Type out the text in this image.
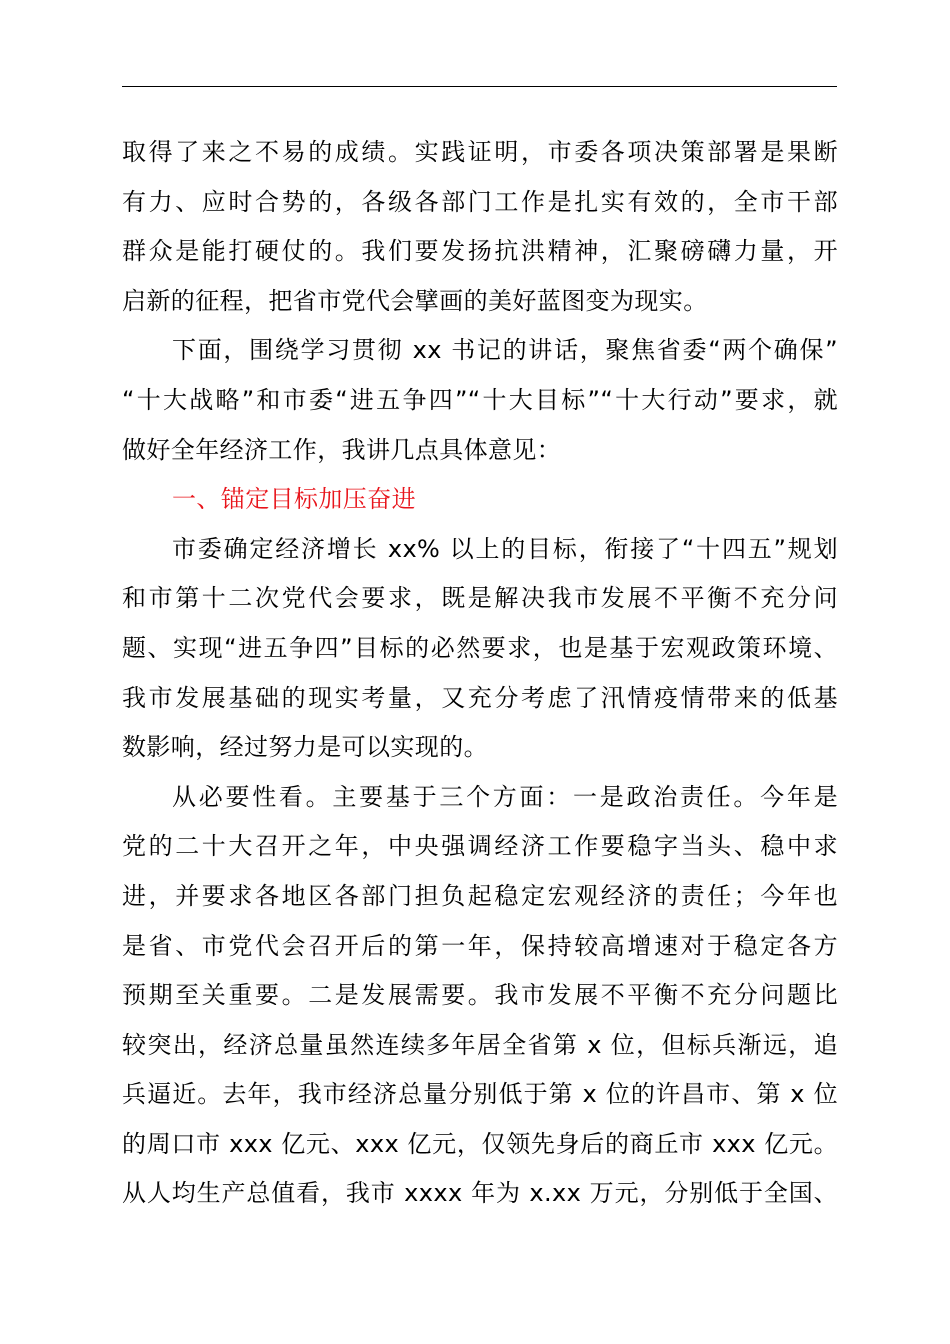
取得了来之不易的成绩。实践证明，市委各项决策部署是果断
有力、应时合势的，各级各部门工作是扎实有效的，全市干部
群众是能打硬仗的。我们要发扬抗洪精神，汇聚磅礴力量，开
启新的征程，把省市党代会擘画的美好蓝图变为现实。
下面，围绕学习贯彻 xx 书记的讲话，聚焦省委“两个确保”
“十大战略”和市委“进五争四”“十大目标”“十大行动”要求，就
做好全年经济工作，我讲几点具体意见：
一、锚定目标加压奋进
市委确定经济增长 xx% 以上的目标，衔接了“十四五”规划
和市第十二次党代会要求，既是解决我市发展不平衡不充分问
题、实现“进五争四”目标的必然要求，也是基于宏观政策环境、
我市发展基础的现实考量，又充分考虑了汛情疫情带来的低基
数影响，经过努力是可以实现的。
从必要性看。主要基于三个方面：一是政治责任。今年是
党的二十大召开之年，中央强调经济工作要稳字当头、稳中求
进，并要求各地区各部门担负起稳定宏观经济的责任；今年也
是省、市党代会召开后的第一年，保持较高增速对于稳定各方
预期至关重要。二是发展需要。我市发展不平衡不充分问题比
较突出，经济总量虽然连续多年居全省第 x 位，但标兵渐远，追
兵逼近。去年，我市经济总量分别低于第 x 位的许昌市、第 x 位
的周口市 xxx 亿元、xxx 亿元，仅领先身后的商丘市 xxx 亿元。
从人均生产总值看，我市 xxxx 年为 x.xx 万元，分别低于全国、
